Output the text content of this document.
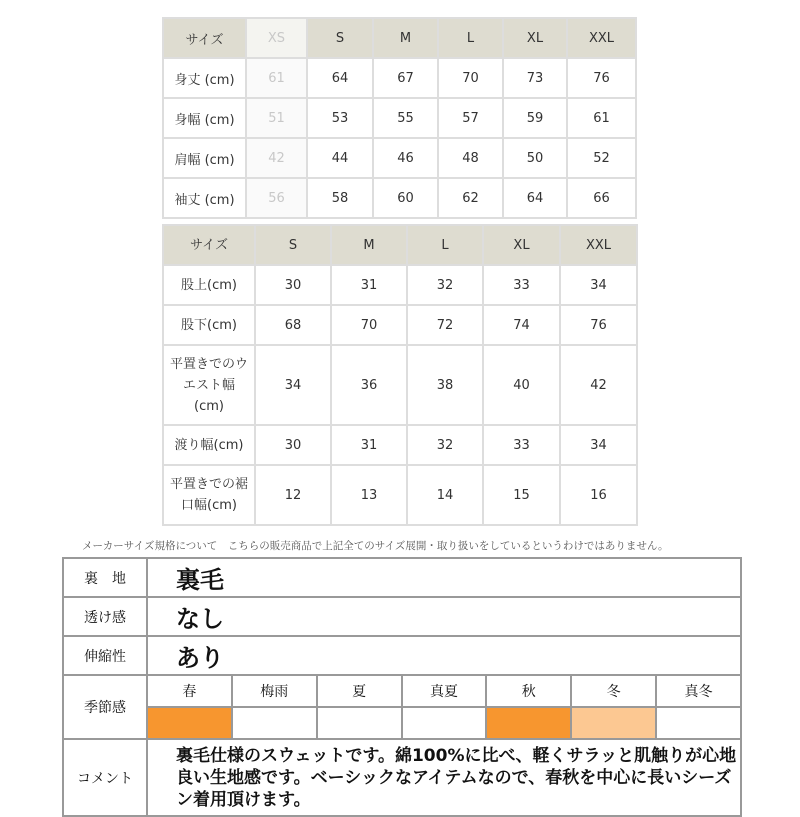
サイズ	XS	S	M	L	XL	XXL
身丈 (cm)	61	64	67	70	73	76
身幅 (cm)	51	53	55	57	59	61
肩幅 (cm)	42	44	46	48	50	52
袖丈 (cm)	56	58	60	62	64	66
サイズ	S	M	L	XL	XXL
股上(cm)	30	31	32	33	34
股下(cm)	68	70	72	74	76
平置きでのウエスト幅(cm)	34	36	38	40	42
渡り幅(cm)	30	31	32	33	34
平置きでの裾口幅(cm)	12	13	14	15	16
メーカーサイズ規格について　こちらの販売商品で上記全てのサイズ展開・取り扱いをしているというわけではありません。
裏　地	裏毛						
透け感	なし						
伸縮性	あり						
季節感	春	梅雨	夏	真夏	秋	冬	真冬

コメント	裏毛仕様のスウェットです。綿100%に比べ、軽くサラッと肌触りが心地良い生地感です。ベーシックなアイテムなので、春秋を中心に長いシーズン着用頂けます。						
